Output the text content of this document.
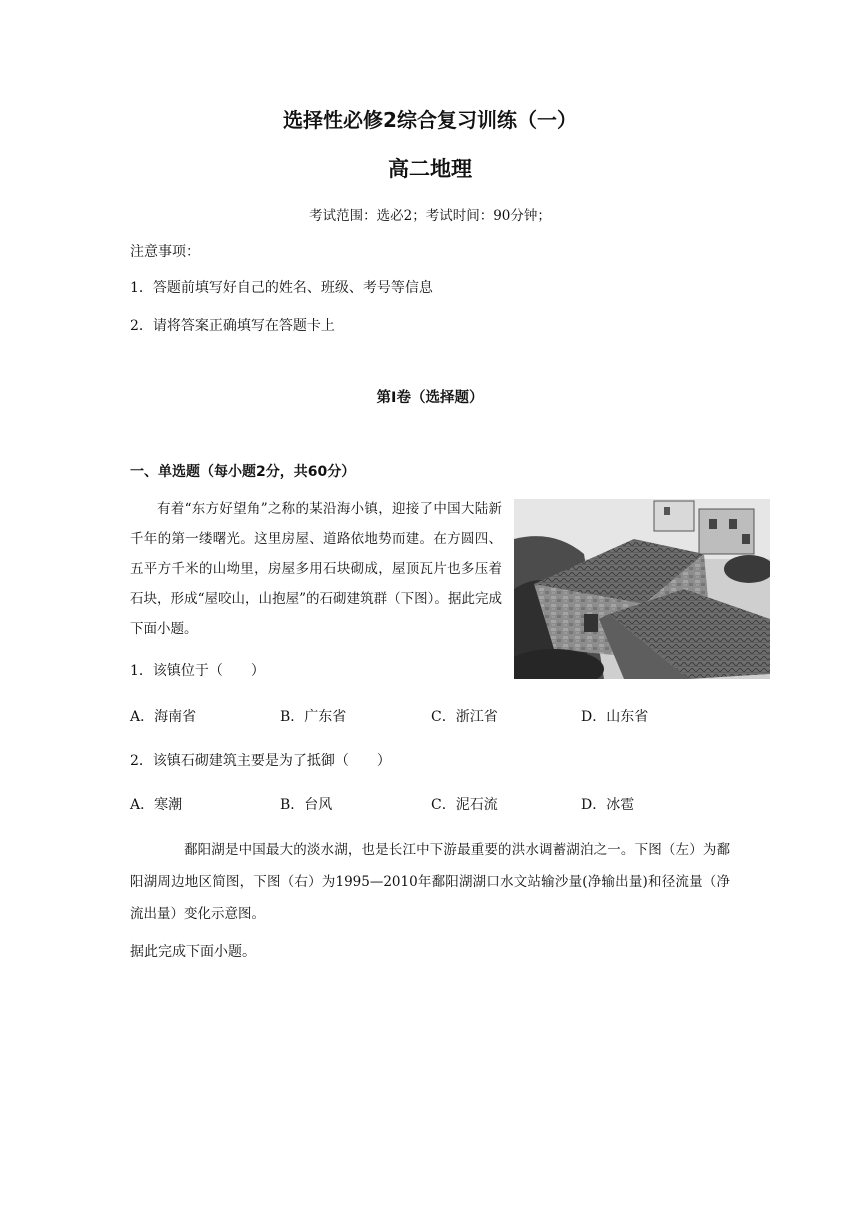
选择性必修2综合复习训练（一）
高二地理
考试范围：选必2；考试时间：90分钟；
注意事项：
1．答题前填写好自己的姓名、班级、考号等信息
2．请将答案正确填写在答题卡上
第Ⅰ卷（选择题）
一、单选题（每小题2分，共60分）
有着“东方好望角”之称的某沿海小镇，迎接了中国大陆新千年的第一缕曙光。这里房屋、道路依地势而建。在方圆四、五平方千米的山坳里，房屋多用石块砌成，屋顶瓦片也多压着石块，形成“屋咬山，山抱屋”的石砌建筑群（下图）。据此完成下面小题。
1．该镇位于（　　）
A．海南省	B．广东省	C．浙江省	D．山东省
2．该镇石砌建筑主要是为了抵御（　　）
A．寒潮	B．台风	C．泥石流	D．冰雹
鄱阳湖是中国最大的淡水湖，也是长江中下游最重要的洪水调蓄湖泊之一。下图（左）为鄱阳湖周边地区简图，下图（右）为1995—2010年鄱阳湖湖口水文站输沙量(净输出量)和径流量（净流出量）变化示意图。
据此完成下面小题。
